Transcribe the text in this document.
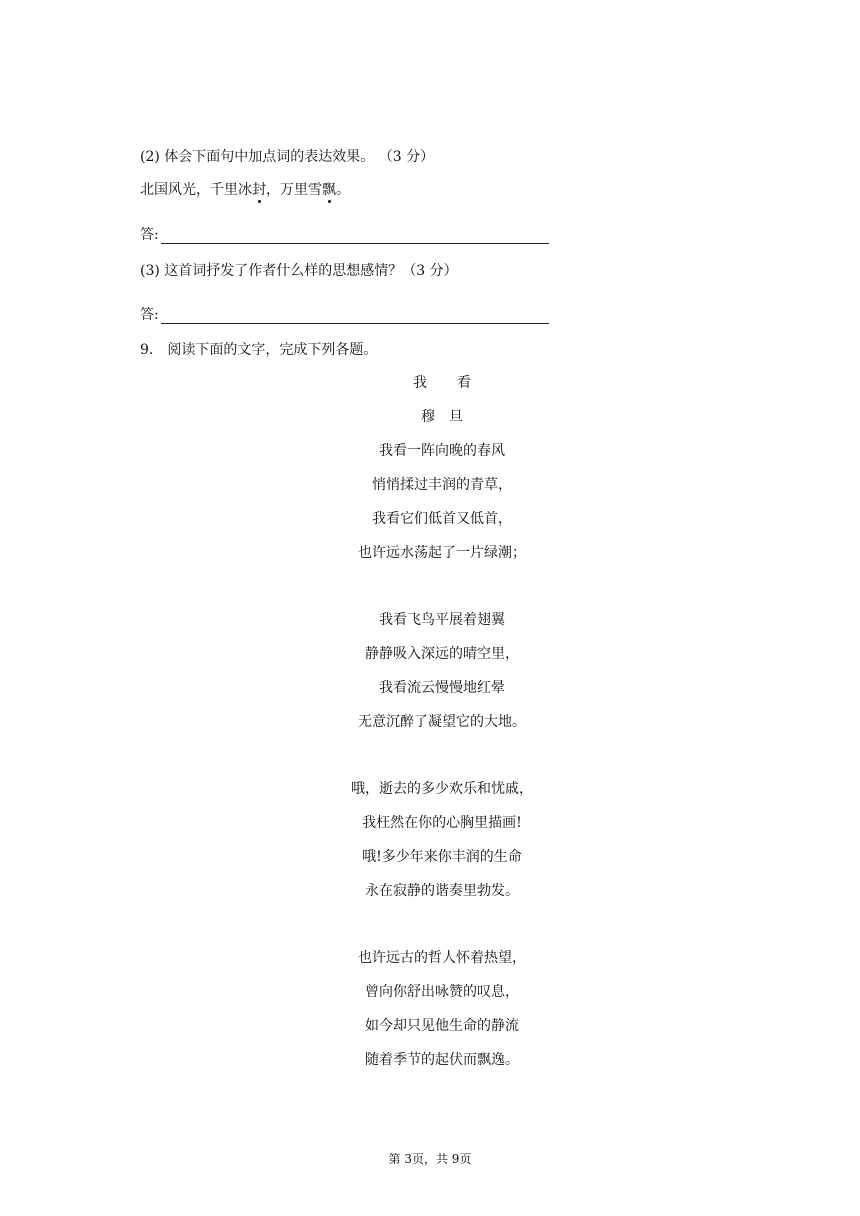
(2) 体会下面句中加点词的表达效果。 （3 分）
北国风光，千里冰封，万里雪飘。
答:
(3) 这首词抒发了作者什么样的思想感情？（3 分）
答:
9.　阅读下面的文字，完成下列各题。
我 看
穆 旦
我看一阵向晚的春风
悄悄揉过丰润的青草，
我看它们低首又低首，
也许远水荡起了一片绿潮；
我看飞鸟平展着翅翼
静静吸入深远的晴空里，
我看流云慢慢地红晕
无意沉醉了凝望它的大地。
哦，逝去的多少欢乐和忧戚，
我枉然在你的心胸里描画!
哦!多少年来你丰润的生命
永在寂静的谐奏里勃发。
也许远古的哲人怀着热望，
曾向你舒出咏赞的叹息，
如今却只见他生命的静流
随着季节的起伏而飘逸。
第 3页，共 9页
